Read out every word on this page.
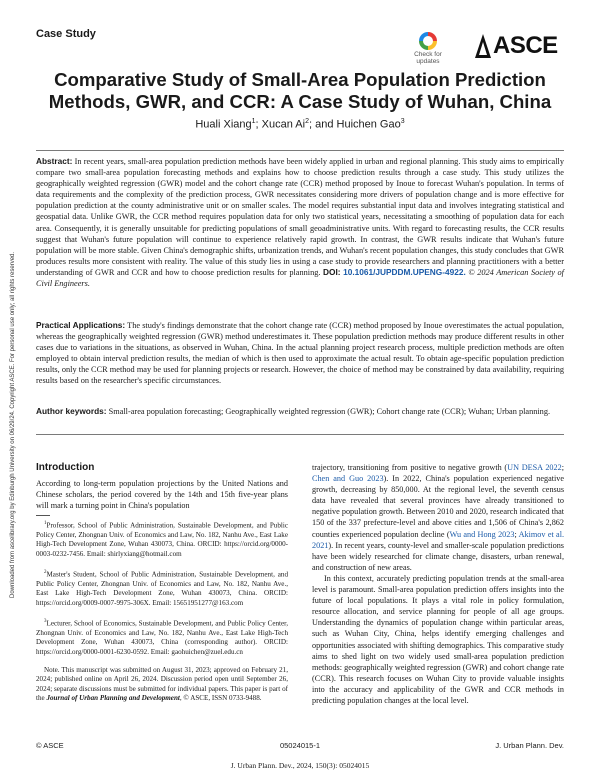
Case Study
Check for
updates
ASCE
Comparative Study of Small-Area Population Prediction Methods, GWR, and CCR: A Case Study of Wuhan, China
Huali Xiang$^1$; Xucan Ai$^2$; and Huichen Gao$^3$
Downloaded from ascelibrary.org by Edinburgh University on 06/29/24. Copyright ASCE. For personal use only; all rights reserved.
Abstract: In recent years, small-area population prediction methods have been widely applied in urban and regional planning. This study aims to empirically compare two small-area population forecasting methods and explains how to choose prediction results through a case study. This study utilizes the geographically weighted regression (GWR) model and the cohort change rate (CCR) method proposed by Inoue to forecast Wuhan's population. In terms of data requirements and the complexity of the prediction process, GWR necessitates considering more drivers of population change and is more effective for population prediction at the county administrative unit or on smaller scales. The model requires substantial input data and involves integrating statistical and geospatial data. Unlike GWR, the CCR method requires population data for only two statistical years, necessitating a smoothing of population data for each area. Consequently, it is generally unsuitable for predicting populations of small geoadministrative units. With regard to forecasting results, the CCR results suggest that Wuhan's future population will continue to experience relatively rapid growth. In contrast, the GWR results indicate that Wuhan's future population will be more stable. Given China's demographic shifts, urbanization trends, and Wuhan's recent population changes, this study concludes that GWR produces results more consistent with reality. The value of this study lies in using a case study to provide researchers and planning practitioners with a better understanding of GWR and CCR and how to choose prediction results for planning. DOI: 10.1061/JUPDDM.UPENG-4922. © 2024 American Society of Civil Engineers.
Practical Applications: The study's findings demonstrate that the cohort change rate (CCR) method proposed by Inoue overestimates the actual population, whereas the geographically weighted regression (GWR) method underestimates it. These population prediction methods may produce different results in other cases due to variations in the situations, as observed in Wuhan, China. In the actual planning project research process, multiple prediction methods are often employed to obtain interval prediction results, the median of which is then used to approximate the actual result. To obtain age-specific population prediction results, only the CCR method may be used for planning projects or research. However, the choice of method may be constrained by data availability, requiring results based on the researcher's specific circumstances.
Author keywords: Small-area population forecasting; Geographically weighted regression (GWR); Cohort change rate (CCR); Wuhan; Urban planning.
Introduction
According to long-term population projections by the United Nations and Chinese scholars, the period covered by the 14th and 15th five-year plans will mark a turning point in China's population
$^1$Professor, School of Public Administration, Sustainable Development, and Public Policy Center, Zhongnan Univ. of Economics and Law, No. 182, Nanhu Ave., East Lake High-Tech Development Zone, Wuhan 430073, China. ORCID: https://orcid.org/0000-0003-0232-7456. Email: shirlyxiang@hotmail.com
$^2$Master's Student, School of Public Administration, Sustainable Development, and Public Policy Center, Zhongnan Univ. of Economics and Law, No. 182, Nanhu Ave., East Lake High-Tech Development Zone, Wuhan 430073, China. ORCID: https://orcid.org/0009-0007-9975-306X. Email: 15651951277@163.com
$^3$Lecturer, School of Economics, Sustainable Development, and Public Policy Center, Zhongnan Univ. of Economics and Law, No. 182, Nanhu Ave., East Lake High-Tech Development Zone, Wuhan 430073, China (corresponding author). ORCID: https://orcid.org/0000-0001-6230-0592. Email: gaohuichen@zuel.edu.cn
Note. This manuscript was submitted on August 31, 2023; approved on February 21, 2024; published online on April 26, 2024. Discussion period open until September 26, 2024; separate discussions must be submitted for individual papers. This paper is part of the Journal of Urban Planning and Development, © ASCE, ISSN 0733-9488.
trajectory, transitioning from positive to negative growth (UN DESA 2022; Chen and Guo 2023). In 2022, China's population experienced negative growth, decreasing by 850,000. At the regional level, the seventh census data have revealed that several provinces have already transitioned to negative population growth. Between 2010 and 2020, research indicated that 150 of the 337 prefecture-level and above cities and 1,506 of China's 2,862 counties experienced population decline (Wu and Hong 2023; Akimov et al. 2021). In recent years, county-level and smaller-scale population predictions have been widely researched for climate change, disasters, urban renewal, and construction of new areas.
In this context, accurately predicting population trends at the small-area level is paramount. Small-area population prediction offers insights into the future of local populations. It plays a vital role in policy formulation, resource allocation, and service planning for people of all age groups. Understanding the dynamics of population change within particular areas, such as Wuhan City, China, helps identify emerging challenges and opportunities associated with shifting demographics. This comparative study aims to shed light on two widely used small-area population prediction methods: geographically weighted regression (GWR) and cohort change rate (CCR). This research focuses on Wuhan City to provide valuable insights into the accuracy and applicability of the GWR and CCR methods in predicting population changes at the local level.
© ASCE	05024015-1	J. Urban Plann. Dev.
J. Urban Plann. Dev., 2024, 150(3): 05024015
